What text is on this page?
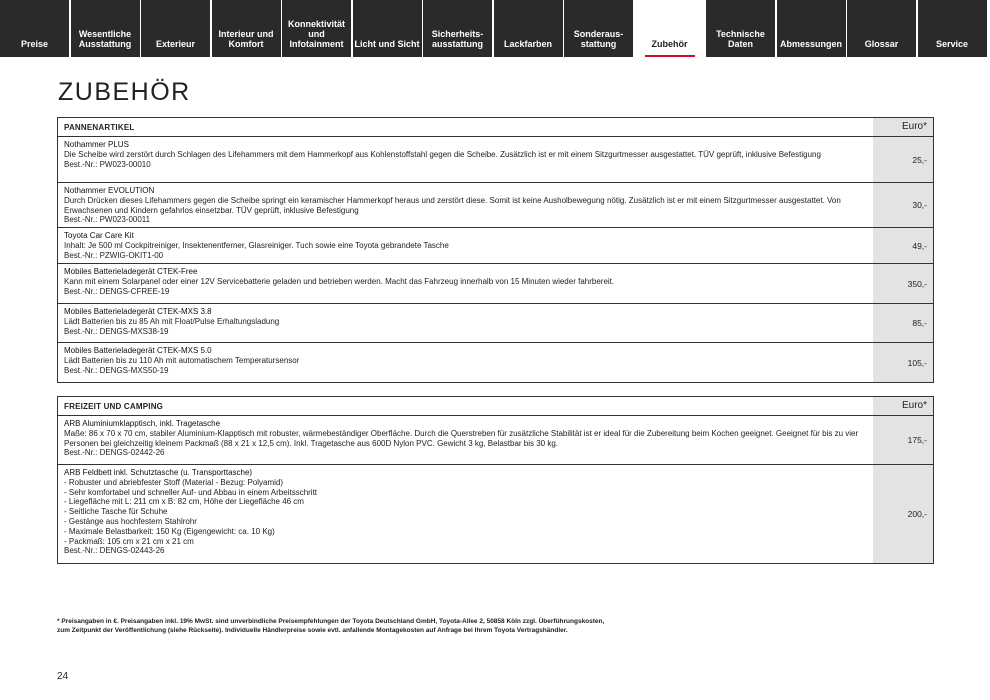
Preise
Wesentliche
Ausstattung	Exterieur
Interieur und
Komfort
Konnektivität
und
Infotainment Licht und Sicht
Sicherheits-
ausstattung Lackfarben
Sonderaus-
stattung	Zubehör
Technische
Daten	Abmessungen	Glossar	Service
ZUBEHÖR
PANNENARTIKEL	Euro*
Nothammer PLUS
Die Scheibe wird zerstört durch Schlagen des Lifehammers mit dem Hammerkopf aus Kohlenstoffstahl gegen die Scheibe. Zusätzlich ist er mit einem Sitzgurtmesser ausgestattet. TÜV geprüft, inklusive Befestigung
Best.-Nr.: PW023-00010	25,-
Nothammer EVOLUTION
Durch Drücken dieses Lifehammers gegen die Scheibe springt ein keramischer Hammerkopf heraus und zerstört diese. Somit ist keine Ausholbewegung nötig. Zusätzlich ist er mit einem Sitzgurtmesser ausgestattet. Von Erwachsenen und Kindern gefahrlos einsetzbar. TÜV geprüft, inklusive Befestigung
Best.-Nr.: PW023-00011
30,-
Toyota Car Care Kit
Inhalt: Je 500 ml Cockpitreiniger, Insektenentferner, Glasreiniger. Tuch sowie eine Toyota gebrandete Tasche
Best.-Nr.: PZWIG-OKIT1-00
49,-
Mobiles Batterieladegerät CTEK-Free
Kann mit einem Solarpanel oder einer 12V Servicebatterie geladen und betrieben werden. Macht das Fahrzeug innerhalb von 15 Minuten wieder fahrbereit.
Best.-Nr.: DENGS-CFREE-19
350,-
Mobiles Batterieladegerät CTEK-MXS 3.8
Lädt Batterien bis zu 85 Ah mit Float/Pulse Erhaltungsladung
Best.-Nr.: DENGS-MXS38-19
85,-
Mobiles Batterieladegerät CTEK-MXS 5.0
Lädt Batterien bis zu 110 Ah mit automatischem Temperatursensor
Best.-Nr.: DENGS-MXS50-19
105,-
FREIZEIT UND CAMPING	Euro*
ARB Aluminiumklapptisch, inkl. Tragetasche
Maße: 86 x 70 x 70 cm, stabiler Aluminium-Klapptisch mit robuster, wärmebeständiger Oberfläche. Durch die Querstreben für zusätzliche Stabilität ist er ideal für die Zubereitung beim Kochen geeignet. Geeignet für bis zu vier Personen bei gleichzeitig kleinem Packmaß (88 x 21 x 12,5 cm). Inkl. Tragetasche aus 600D Nylon PVC. Gewicht 3 kg, Belastbar bis 30 kg.
Best.-Nr.: DENGS-02442-26
175,-
ARB Feldbett inkl. Schutztasche (u. Transporttasche)
- Robuster und abriebfester Stoff (Material - Bezug: Polyamid)
- Sehr komfortabel und schneller Auf- und Abbau in einem Arbeitsschritt
- Liegefläche mit L: 211 cm x B: 82 cm, Höhe der Liegefläche 46 cm
- Seitliche Tasche für Schuhe
- Gestänge aus hochfestem Stahlrohr
- Maximale Belastbarkeit: 150 Kg (Eigengewicht: ca. 10 Kg)
- Packmaß: 105 cm x 21 cm x 21 cm
Best.-Nr.: DENGS-02443-26
200,-

* Preisangaben in €. Preisangaben inkl. 19% MwSt. sind unverbindliche Preisempfehlungen der Toyota Deutschland GmbH, Toyota-Allee 2, 50858 Köln zzgl. Überführungskosten, zum Zeitpunkt der Veröffentlichung (siehe Rückseite). Individuelle Händlerpreise sowie evtl. anfallende Montagekosten auf Anfrage bei Ihrem Toyota Vertragshändler.

24
